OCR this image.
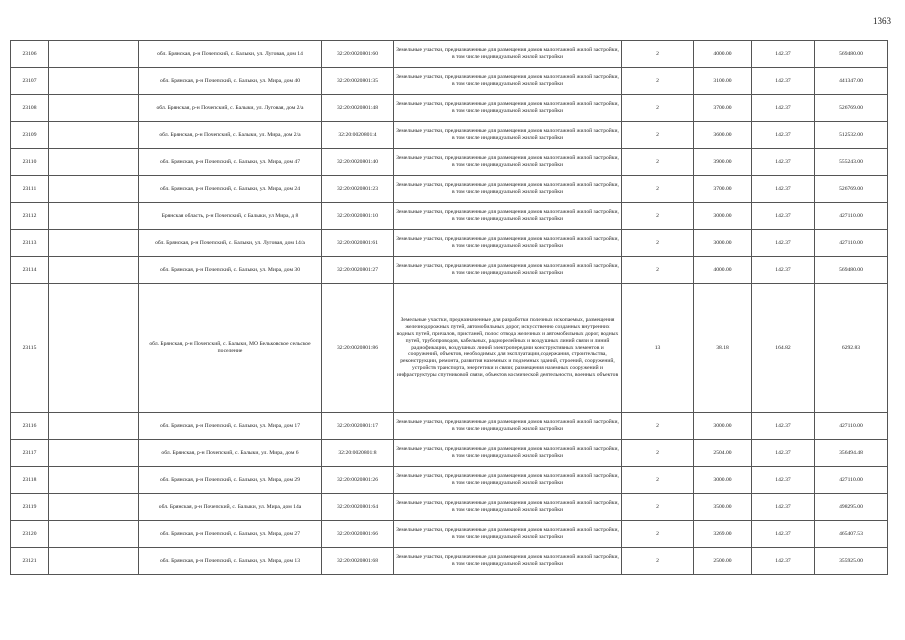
1363
23106		обл. Брянская, р-н Почепский, с. Балыки, ул. Луговая, дом 14	32:20:0020801:60	Земельные участки, предназначенные для размещения домов малоэтажной жилой застройки, в том числе индивидуальной жилой застройки	2	4000.00	142.37	569480.00
23107		обл. Брянская, р-н Почепский, с. Балыки, ул. Мира, дом 40	32:20:0020801:35	Земельные участки, предназначенные для размещения домов малоэтажной жилой застройки, в том числе индивидуальной жилой застройки	2	3100.00	142.37	441347.00
23108		обл. Брянская, р-н Почепский, с. Балыки, ул. Луговая, дом 2/а	32:20:0020801:48	Земельные участки, предназначенные для размещения домов малоэтажной жилой застройки, в том числе индивидуальной жилой застройки	2	3700.00	142.37	526769.00
23109		обл. Брянская, р-н Почепский, с. Балыки, ул. Мира, дом 2/а	32:20:0020801:4	Земельные участки, предназначенные для размещения домов малоэтажной жилой застройки, в том числе индивидуальной жилой застройки	2	3600.00	142.37	512532.00
23110		обл. Брянская, р-н Почепский, с. Балыки, ул. Мира, дом 47	32:20:0020801:40	Земельные участки, предназначенные для размещения домов малоэтажной жилой застройки, в том числе индивидуальной жилой застройки	2	3900.00	142.37	555243.00
23111		обл. Брянская, р-н Почепский, с. Балыки, ул. Мира, дом 24	32:20:0020801:23	Земельные участки, предназначенные для размещения домов малоэтажной жилой застройки, в том числе индивидуальной жилой застройки	2	3700.00	142.37	526769.00
23112		Брянская область, р-н Почепский, с Балыки, ул Мира, д 8	32:20:0020801:10	Земельные участки, предназначенные для размещения домов малоэтажной жилой застройки, в том числе индивидуальной жилой застройки	2	3000.00	142.37	427110.00
23113		обл. Брянская, р-н Почепский, с. Балыки, ул. Луговая, дом 14/а	32:20:0020801:61	Земельные участки, предназначенные для размещения домов малоэтажной жилой застройки, в том числе индивидуальной жилой застройки	2	3000.00	142.37	427110.00
23114		обл. Брянская, р-н Почепский, с. Балыки, ул. Мира, дом 30	32:20:0020801:27	Земельные участки, предназначенные для размещения домов малоэтажной жилой застройки, в том числе индивидуальной жилой застройки	2	4000.00	142.37	569480.00
23115		обл. Брянская, р-н Почепский, с. Балыки, МО Бельковское сельское поселение	32:20:0020801:86	Земельные участки, предназначенные для разработки полезных ископаемых, размещения железнодорожных путей, автомобильных дорог, искусственно созданных внутренних водных путей, причалов, пристаней, полос отвода железных и автомобильных дорог, водных путей, трубопроводов, кабельных, радиорелейных и воздушных линий связи и линий радиофикации, воздушных линий электропередачи конструктивных элементов и сооружений, объектов, необходимых для эксплуатации,содержания, строительства, реконструкции, ремонта, развития наземных и подземных зданий, строений, сооружений, устройств транспорта, энергетики и связи; размещения наземных сооружений и инфраструктуры спутниковой связи, объектов космической деятельности, военных объектов	13	38.18	164.82	6292.83
23116		обл. Брянская, р-н Почепский, с. Балыки, ул. Мира, дом 17	32:20:0020801:17	Земельные участки, предназначенные для размещения домов малоэтажной жилой застройки, в том числе индивидуальной жилой застройки	2	3000.00	142.37	427110.00
23117		обл. Брянская, р-н Почепский, с. Балыки, ул. Мира, дом 6	32:20:0020801:8	Земельные участки, предназначенные для размещения домов малоэтажной жилой застройки, в том числе индивидуальной жилой застройки	2	2504.00	142.37	356494.48
23118		обл. Брянская, р-н Почепский, с. Балыки, ул. Мира, дом 29	32:20:0020801:26	Земельные участки, предназначенные для размещения домов малоэтажной жилой застройки, в том числе индивидуальной жилой застройки	2	3000.00	142.37	427110.00
23119		обл. Брянская, р-н Почепский, с. Балыки, ул. Мира, дом 14а	32:20:0020801:64	Земельные участки, предназначенные для размещения домов малоэтажной жилой застройки, в том числе индивидуальной жилой застройки	2	3500.00	142.37	498295.00
23120		обл. Брянская, р-н Почепский, с. Балыки, ул. Мира, дом 27	32:20:0020801:66	Земельные участки, предназначенные для размещения домов малоэтажной жилой застройки, в том числе индивидуальной жилой застройки	2	3269.00	142.37	465407.53
23121		обл. Брянская, р-н Почепский, с. Балыки, ул. Мира, дом 13	32:20:0020801:68	Земельные участки, предназначенные для размещения домов малоэтажной жилой застройки, в том числе индивидуальной жилой застройки	2	2500.00	142.37	355925.00
